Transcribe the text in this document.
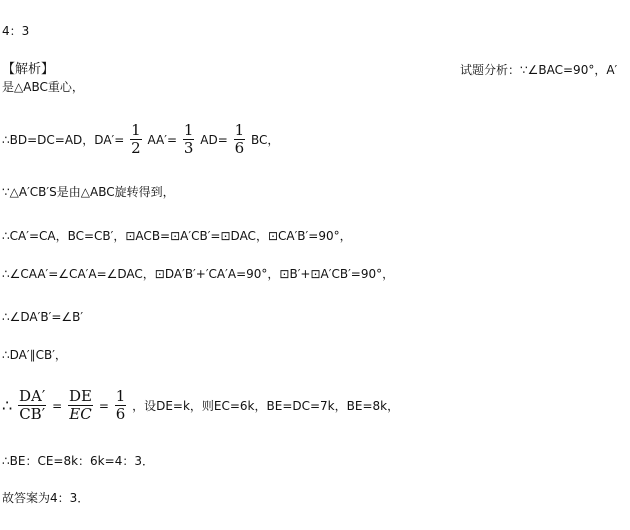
4：3
【解析】	试题分析：∵∠BAC=90°，A′
是△ABC重心，
∴BD=DC=AD，$DA'= \frac{1}{2} AA'= \frac{1}{3} AD= \frac{1}{6}$ BC，
∵△A′CB′S是由△ABC旋转得到，
∴CA′=CA，BC=CB′，⊡ACB=⊡A′CB′=⊡DAC，⊡CA′B′=90°，
∴∠CAA′=∠CA′A=∠DAC，⊡DA′B′+′CA′A=90°，⊡B′+⊡A′CB′=90°，
∴∠DA′B′=∠B′
∴DA′∥CB′，
∴ $\frac{DA'}{CB'} = \frac{DE}{EC} = \frac{1}{6}$ ，设DE=k，则EC=6k，BE=DC=7k，BE=8k，
∴BE：CE=8k：6k=4：3．
故答案为4：3．
